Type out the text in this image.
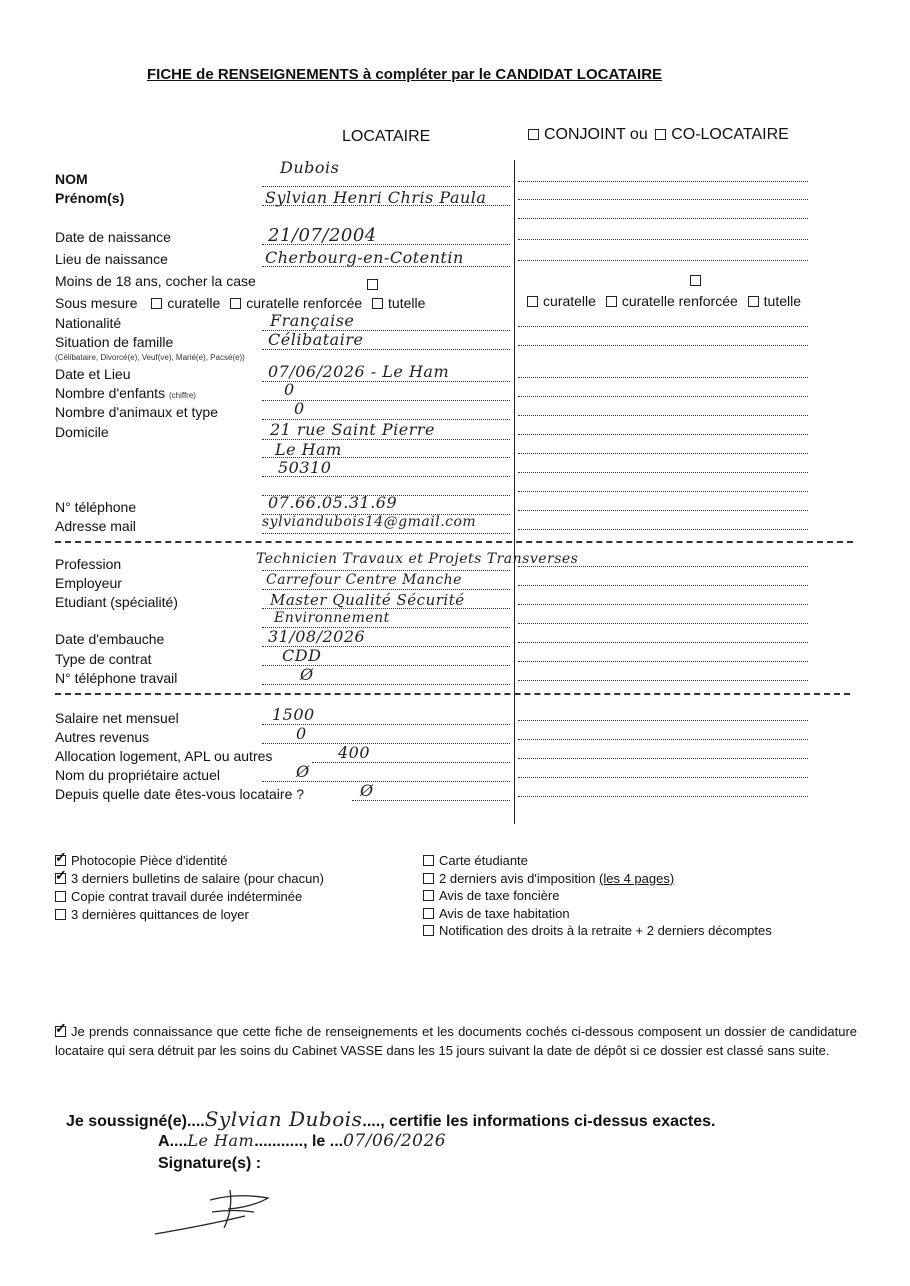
FICHE de RENSEIGNEMENTS à compléter par le CANDIDAT LOCATAIRE
LOCATAIRE	CONJOINT ou CO-LOCATAIRE
NOM
Prénom(s)
Date de naissance
Lieu de naissance
Moins de 18 ans, cocher la case

Sous mesure curatelle curatelle renforcée tutelle	curatelle curatelle renforcée tutelle
Nationalité
Situation de famille
(Célibataire, Divorcé(e), Veuf(ve), Marié(e), Pacsé(e))
Date et Lieu
Nombre d'enfants (chiffre)
Nombre d'animaux et type
Domicile
N° téléphone
Adresse mail
Dubois
Sylvian Henri Chris Paula
21/07/2004
Cherbourg-en-Cotentin
Française
Célibataire
07/06/2026 - Le Ham
0
0
21 rue Saint Pierre
Le Ham
50310
07.66.05.31.69
sylviandubois14@gmail.com
Profession
Employeur
Etudiant (spécialité)
Date d'embauche
Type de contrat
N° téléphone travail
Technicien Travaux et Projets Transverses
Carrefour Centre Manche
Master Qualité Sécurité
Environnement
31/08/2026
CDD
Ø
Salaire net mensuel
Autres revenus
Allocation logement, APL ou autres
Nom du propriétaire actuel
Depuis quelle date êtes-vous locataire ?
1500
0
400
Ø
Ø
✓Photocopie Pièce d'identité
✓3 derniers bulletins de salaire (pour chacun)
Copie contrat travail durée indéterminée
3 dernières quittances de loyer
Carte étudiante
2 derniers avis d'imposition (les 4 pages)
Avis de taxe foncière
Avis de taxe habitation
Notification des droits à la retraite + 2 derniers décomptes
✓Je prends connaissance que cette fiche de renseignements et les documents cochés ci-dessous composent un dossier de candidature locataire qui sera détruit par les soins du Cabinet VASSE dans les 15 jours suivant la date de dépôt si ce dossier est classé sans suite.
Je soussigné(e)....Sylvian Dubois...., certifie les informations ci-dessus exactes.
A....Le Ham..........., le ...07/06/2026
Signature(s) :
